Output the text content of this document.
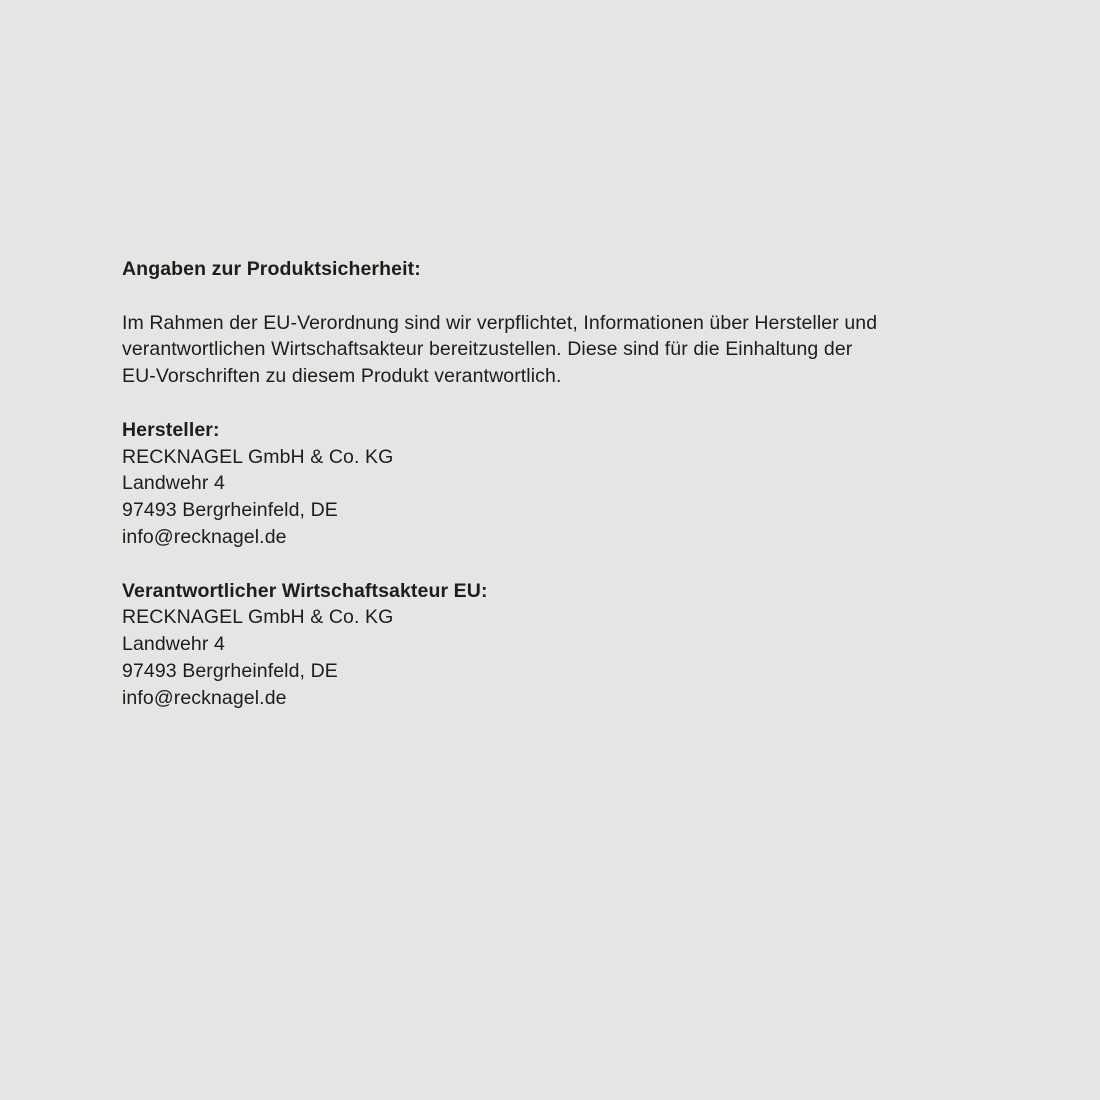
Angaben zur Produktsicherheit:
Im Rahmen der EU-Verordnung sind wir verpflichtet, Informationen über Hersteller und
verantwortlichen Wirtschaftsakteur bereitzustellen. Diese sind für die Einhaltung der
EU-Vorschriften zu diesem Produkt verantwortlich.
Hersteller:
RECKNAGEL GmbH & Co. KG
Landwehr 4
97493 Bergrheinfeld, DE
info@recknagel.de
Verantwortlicher Wirtschaftsakteur EU:
RECKNAGEL GmbH & Co. KG
Landwehr 4
97493 Bergrheinfeld, DE
info@recknagel.de
